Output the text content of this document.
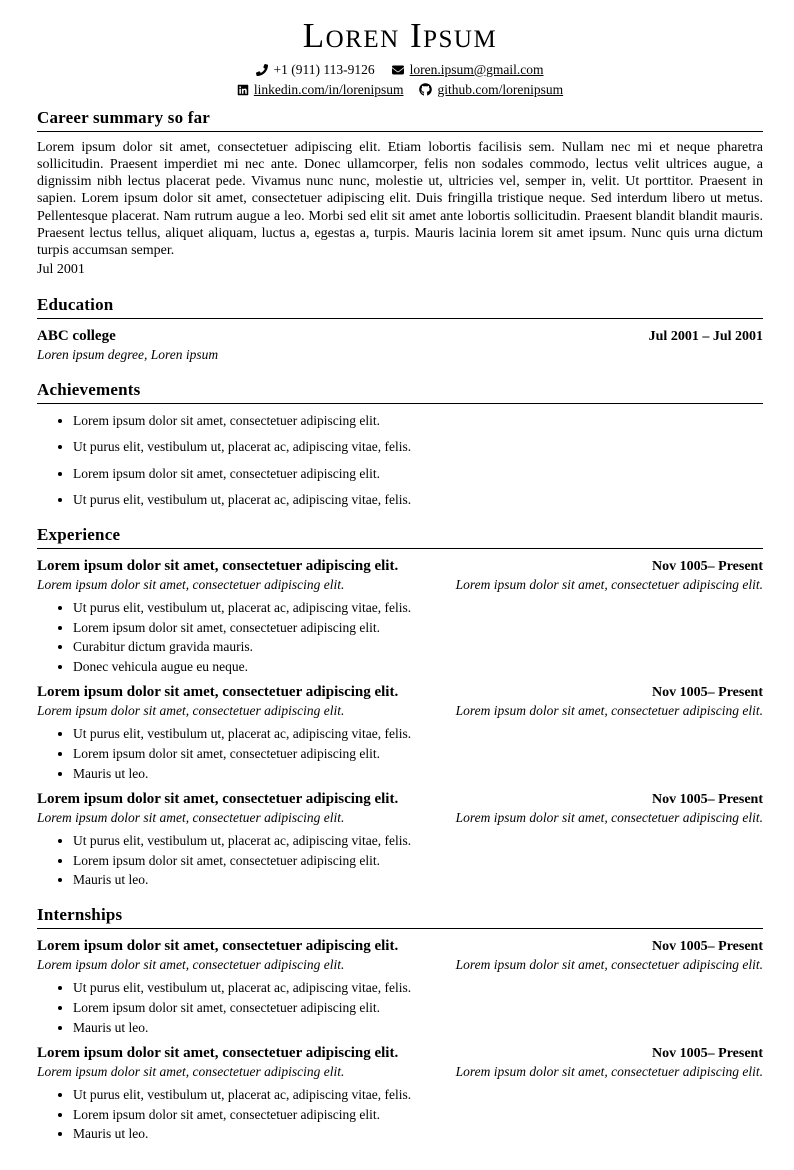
Loren Ipsum
+1 (911) 113-9126	loren.ipsum@gmail.com
linkedin.com/in/lorenipsum	github.com/lorenipsum
Career summary so far

Lorem ipsum dolor sit amet, consectetuer adipiscing elit. Etiam lobortis facilisis sem. Nullam nec mi et neque pharetra sollicitudin. Praesent imperdiet mi nec ante. Donec ullamcorper, felis non sodales commodo, lectus velit ultrices augue, a dignissim nibh lectus placerat pede. Vivamus nunc nunc, molestie ut, ultricies vel, semper in, velit. Ut porttitor. Praesent in sapien. Lorem ipsum dolor sit amet, consectetuer adipiscing elit. Duis fringilla tristique neque. Sed interdum libero ut metus. Pellentesque placerat. Nam rutrum augue a leo. Morbi sed elit sit amet ante lobortis sollicitudin. Praesent blandit blandit mauris. Praesent lectus tellus, aliquet aliquam, luctus a, egestas a, turpis. Mauris lacinia lorem sit amet ipsum. Nunc quis urna dictum turpis accumsan semper.

Jul 2001

Education
ABC college	Jul 2001 – Jul 2001
Loren ipsum degree, Loren ipsum
Achievements
• Lorem ipsum dolor sit amet, consectetuer adipiscing elit.
• Ut purus elit, vestibulum ut, placerat ac, adipiscing vitae, felis.
• Lorem ipsum dolor sit amet, consectetuer adipiscing elit.
• Ut purus elit, vestibulum ut, placerat ac, adipiscing vitae, felis.
Experience
Lorem ipsum dolor sit amet, consectetuer adipiscing elit.	Nov 1005– Present
Lorem ipsum dolor sit amet, consectetuer adipiscing elit.	Lorem ipsum dolor sit amet, consectetuer adipiscing elit.
• Ut purus elit, vestibulum ut, placerat ac, adipiscing vitae, felis.
• Lorem ipsum dolor sit amet, consectetuer adipiscing elit.
• Curabitur dictum gravida mauris.
• Donec vehicula augue eu neque.
Lorem ipsum dolor sit amet, consectetuer adipiscing elit.	Nov 1005– Present
Lorem ipsum dolor sit amet, consectetuer adipiscing elit.	Lorem ipsum dolor sit amet, consectetuer adipiscing elit.
• Ut purus elit, vestibulum ut, placerat ac, adipiscing vitae, felis.
• Lorem ipsum dolor sit amet, consectetuer adipiscing elit.
• Mauris ut leo.
Lorem ipsum dolor sit amet, consectetuer adipiscing elit.	Nov 1005– Present
Lorem ipsum dolor sit amet, consectetuer adipiscing elit.	Lorem ipsum dolor sit amet, consectetuer adipiscing elit.
• Ut purus elit, vestibulum ut, placerat ac, adipiscing vitae, felis.
• Lorem ipsum dolor sit amet, consectetuer adipiscing elit.
• Mauris ut leo.
Internships
Lorem ipsum dolor sit amet, consectetuer adipiscing elit.	Nov 1005– Present
Lorem ipsum dolor sit amet, consectetuer adipiscing elit.	Lorem ipsum dolor sit amet, consectetuer adipiscing elit.
• Ut purus elit, vestibulum ut, placerat ac, adipiscing vitae, felis.
• Lorem ipsum dolor sit amet, consectetuer adipiscing elit.
• Mauris ut leo.
Lorem ipsum dolor sit amet, consectetuer adipiscing elit.	Nov 1005– Present
Lorem ipsum dolor sit amet, consectetuer adipiscing elit.	Lorem ipsum dolor sit amet, consectetuer adipiscing elit.
• Ut purus elit, vestibulum ut, placerat ac, adipiscing vitae, felis.
• Lorem ipsum dolor sit amet, consectetuer adipiscing elit.
• Mauris ut leo.
